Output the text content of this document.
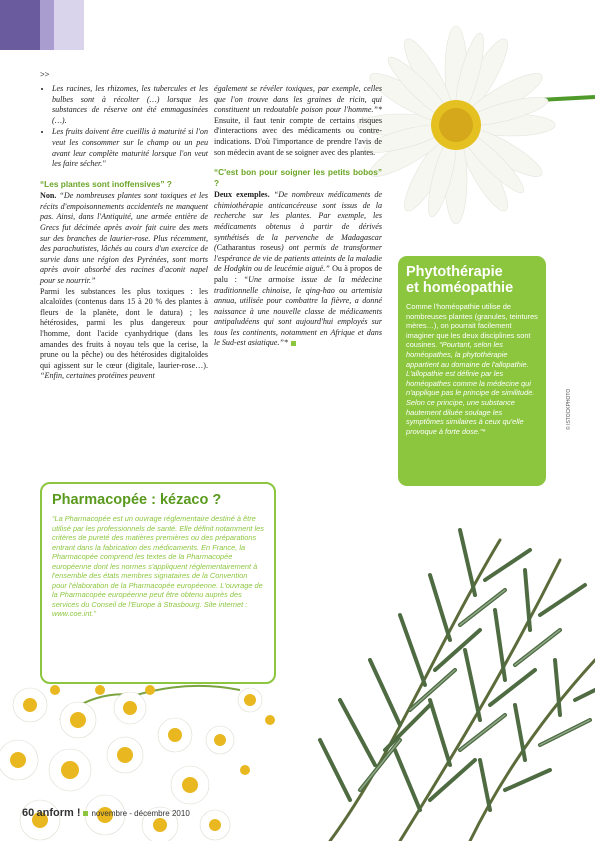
>>
• Les racines, les rhizomes, les tubercules et les bulbes sont à récolter (…) lorsque les substances de réserve ont été emmagasinées (…).
• Les fruits doivent être cueillis à maturité si l'on veut les consommer sur le champ ou un peu avant leur complète maturité lorsque l'on veut les faire sécher."
“Les plantes sont inoffensives” ?

Non. “De nombreuses plantes sont toxiques et les récits d'empoisonnements accidentels ne manquent pas. Ainsi, dans l'Antiquité, une armée entière de Grecs fut décimée après avoir fait cuire des mets sur des branches de laurier-rose. Plus récemment, des parachutistes, lâchés au cours d'un exercice de survie dans une région des Pyrénées, sont morts après avoir absorbé des racines d'aconit napel pour se nourrir.”

Parmi les substances les plus toxiques : les alcaloïdes (contenus dans 15 à 20 % des plantes à fleurs de la planète, dont le datura) ; les hétérosides, parmi les plus dangereux pour l'homme, dont l'acide cyanhydrique (dans les amandes des fruits à noyau tels que la cerise, la prune ou la pêche) ou des hétérosides digitaloïdes qui agissent sur le cœur (digitale, laurier-rose…). “Enfin, certaines protéines peuvent

également se révéler toxiques, par exemple, celles que l'on trouve dans les graines de ricin, qui constituent un redoutable poison pour l'homme.”* Ensuite, il faut tenir compte de certains risques d'interactions avec des médicaments ou contre-indications. D'où l'importance de prendre l'avis de son médecin avant de se soigner avec des plantes.

“C'est bon pour soigner les petits bobos” ?

Deux exemples. “De nombreux médicaments de chimiothérapie anticancéreuse sont issus de la recherche sur les plantes. Par exemple, les médicaments obtenus à partir de dérivés synthétisés de la pervenche de Madagascar (Catharantus roseus) ont permis de transformer l'espérance de vie de patients atteints de la maladie de Hodgkin ou de leucémie aiguë.” Ou à propos de palu : “Une armoise issue de la médecine traditionnelle chinoise, le qing-hao ou artemisia annua, utilisée pour combattre la fièvre, a donné naissance à une nouvelle classe de médicaments antipaludéens qui sont aujourd'hui employés sur tous les continents, notamment en Afrique et dans le Sud-est asiatique.”*

Phytothérapie
et homéopathie

Comme l'homéopathie utilise de nombreuses plantes (granules, teintures mères…), on pourrait facilement imaginer que les deux disciplines sont cousines. “Pourtant, selon les homéopathes, la phytothérapie appartient au domaine de l'allopathie. L'allopathie est définie par les homéopathes comme la médecine qui n'applique pas le principe de similitude. Selon ce principe, une substance hautement diluée soulage les symptômes similaires à ceux qu'elle provoque à forte dose.”*

© ISTOCKPHOTO
Pharmacopée : kézaco ?

“La Pharmacopée est un ouvrage réglementaire destiné à être utilisé par les professionnels de santé. Elle définit notamment les critères de pureté des matières premières ou des préparations entrant dans la fabrication des médicaments. En France, la Pharmacopée comprend les textes de la Pharmacopée européenne dont les normes s'appliquent réglementairement à l'ensemble des états membres signataires de la Convention pour l'élaboration de la Pharmacopée européenne. L'ouvrage de la Pharmacopée européenne peut être obtenu auprès des services du Conseil de l'Europe à Strasbourg. Site internet : www.coe.int.”

60 anform ! novembre - décembre 2010
